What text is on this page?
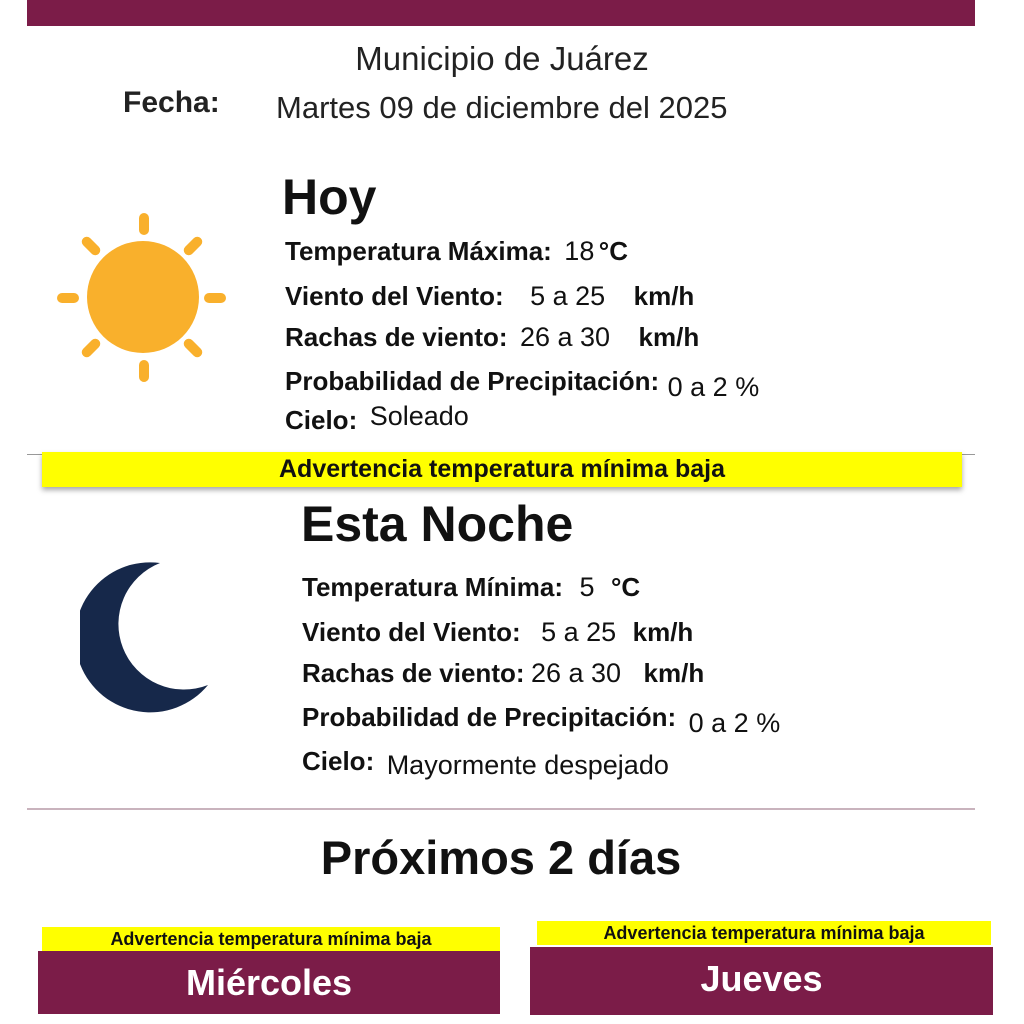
Municipio de Juárez
Fecha: Martes 09 de diciembre del 2025
Hoy
Temperatura Máxima: 18 °C
Viento del Viento: 5 a 25 km/h
Rachas de viento: 26 a 30 km/h
Probabilidad de Precipitación: 0 a 2 %
Cielo: Soleado
Advertencia temperatura mínima baja
Esta Noche
Temperatura Mínima: 5 °C
Viento del Viento: 5 a 25 km/h
Rachas de viento: 26 a 30 km/h
Probabilidad de Precipitación: 0 a 2 %
Cielo: Mayormente despejado
Próximos 2 días
Advertencia temperatura mínima baja
Miércoles
Advertencia temperatura mínima baja
Jueves
